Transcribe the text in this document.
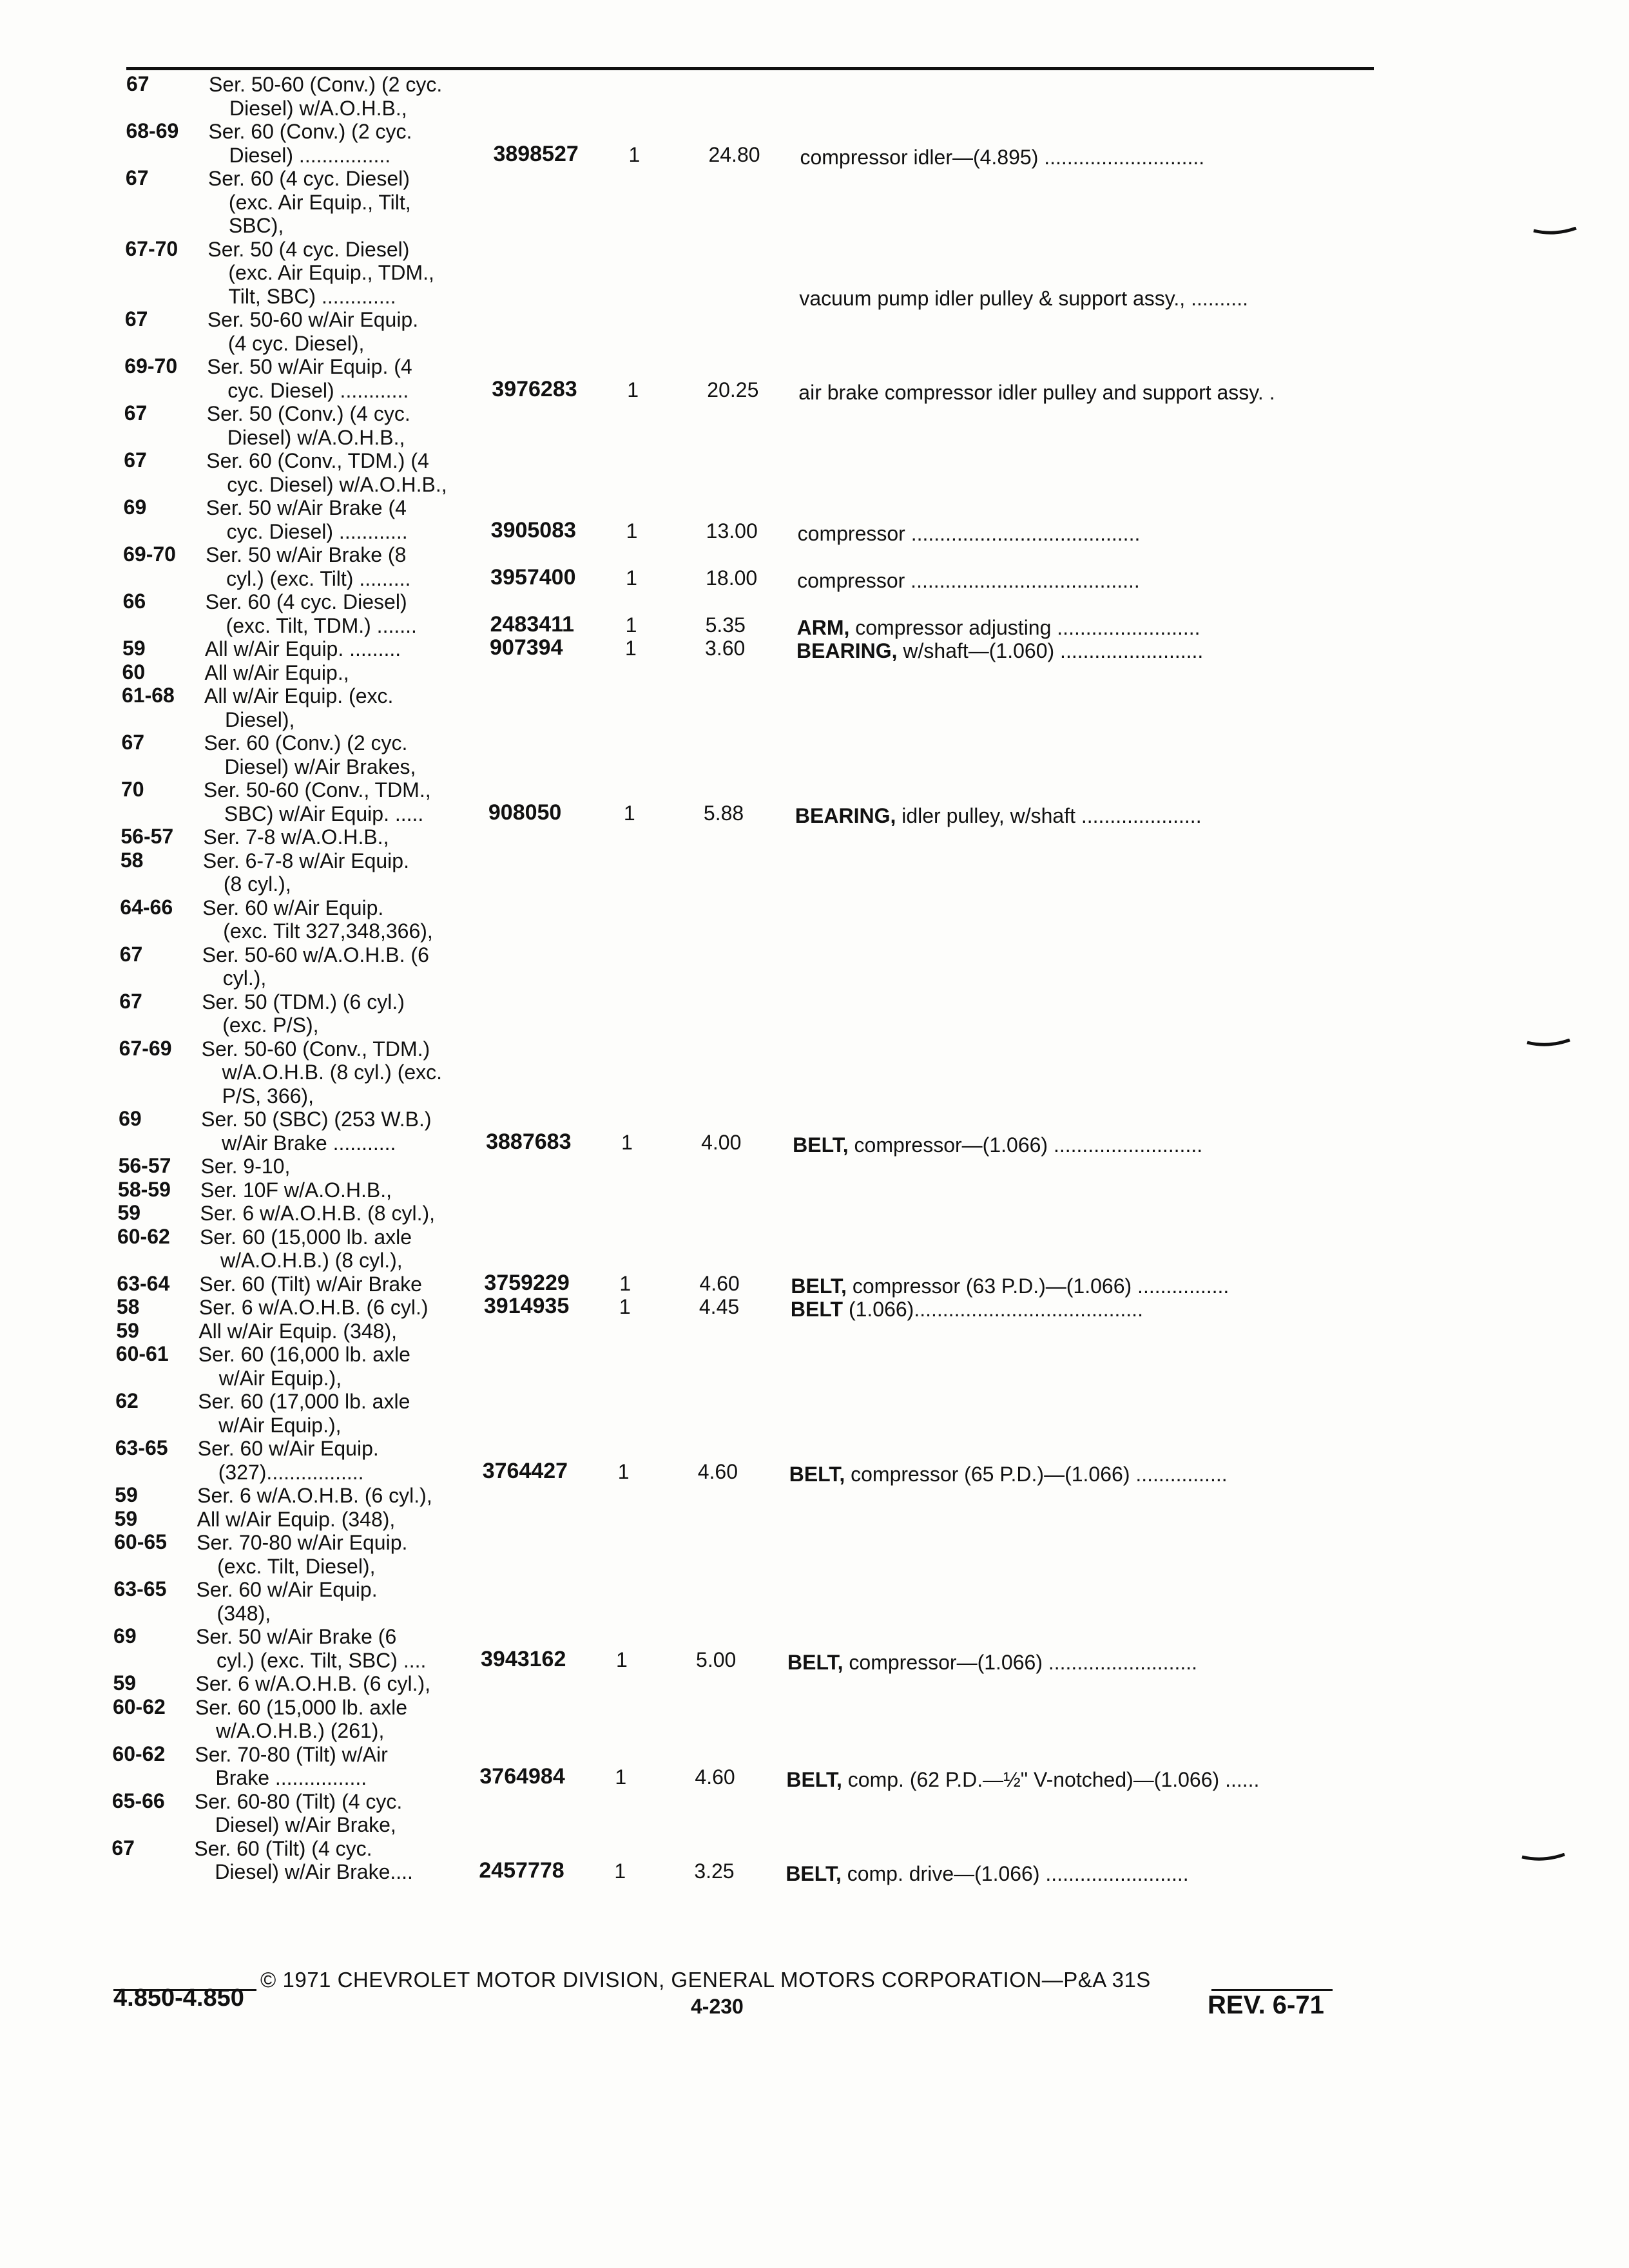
67	Ser. 50-60 (Conv.) (2 cyc.
Diesel) w/A.O.H.B.,
68-69 Ser. 60 (Conv.) (2 cyc.
Diesel) ................	3898527 1	24.80 compressor idler—(4.895) ............................
67	Ser. 60 (4 cyc. Diesel)
(exc. Air Equip., Tilt,
SBC),
67-70 Ser. 50 (4 cyc. Diesel)
(exc. Air Equip., TDM.,
Tilt, SBC) .............	vacuum pump idler pulley & support assy., ..........
67	Ser. 50-60 w/Air Equip.
(4 cyc. Diesel),
69-70 Ser. 50 w/Air Equip. (4
cyc. Diesel) ............	3976283 1	20.25 air brake compressor idler pulley and support assy. .
67	Ser. 50 (Conv.) (4 cyc.
Diesel) w/A.O.H.B.,
67	Ser. 60 (Conv., TDM.) (4
cyc. Diesel) w/A.O.H.B.,
69	Ser. 50 w/Air Brake (4
cyc. Diesel) ............	3905083 1	13.00 compressor ........................................
69-70 Ser. 50 w/Air Brake (8
cyl.) (exc. Tilt) .........	3957400 1	18.00 compressor ........................................
66	Ser. 60 (4 cyc. Diesel)
(exc. Tilt, TDM.) .......	2483411 1	5.35 ARM, compressor adjusting .........................
59	All w/Air Equip. .........	907394	1	3.60 BEARING, w/shaft—(1.060) .........................
60	All w/Air Equip.,
61-68 All w/Air Equip. (exc.
Diesel),
67	Ser. 60 (Conv.) (2 cyc.
Diesel) w/Air Brakes,
70	Ser. 50-60 (Conv., TDM.,
SBC) w/Air Equip. .....	908050	1	5.88 BEARING, idler pulley, w/shaft .....................
56-57 Ser. 7-8 w/A.O.H.B.,
58	Ser. 6-7-8 w/Air Equip.
(8 cyl.),
64-66 Ser. 60 w/Air Equip.
(exc. Tilt 327,348,366),
67	Ser. 50-60 w/A.O.H.B. (6
cyl.),
67	Ser. 50 (TDM.) (6 cyl.)
(exc. P/S),
67-69 Ser. 50-60 (Conv., TDM.)
w/A.O.H.B. (8 cyl.) (exc.
P/S, 366),
69	Ser. 50 (SBC) (253 W.B.)
w/Air Brake ...........	3887683 1	4.00 BELT, compressor—(1.066) ..........................
56-57 Ser. 9-10,
58-59 Ser. 10F w/A.O.H.B.,
59	Ser. 6 w/A.O.H.B. (8 cyl.),
60-62 Ser. 60 (15,000 lb. axle
w/A.O.H.B.) (8 cyl.),
63-64 Ser. 60 (Tilt) w/Air Brake	3759229 1	4.60 BELT, compressor (63 P.D.)—(1.066) ................
58	Ser. 6 w/A.O.H.B. (6 cyl.)	3914935 1	4.45 BELT (1.066)........................................
59	All w/Air Equip. (348),
60-61 Ser. 60 (16,000 lb. axle
w/Air Equip.),
62	Ser. 60 (17,000 lb. axle
w/Air Equip.),
63-65 Ser. 60 w/Air Equip.
(327).................	3764427 1	4.60 BELT, compressor (65 P.D.)—(1.066) ................
59	Ser. 6 w/A.O.H.B. (6 cyl.),
59	All w/Air Equip. (348),
60-65 Ser. 70-80 w/Air Equip.
(exc. Tilt, Diesel),
63-65 Ser. 60 w/Air Equip.
(348),
69	Ser. 50 w/Air Brake (6
cyl.) (exc. Tilt, SBC) .... 3943162 1	5.00 BELT, compressor—(1.066) ..........................
59	Ser. 6 w/A.O.H.B. (6 cyl.),
60-62 Ser. 60 (15,000 lb. axle
w/A.O.H.B.) (261),
60-62 Ser. 70-80 (Tilt) w/Air
Brake ................	3764984 1	4.60 BELT, comp. (62 P.D.—½" V-notched)—(1.066) ......
65-66 Ser. 60-80 (Tilt) (4 cyc.
Diesel) w/Air Brake,
67	Ser. 60 (Tilt) (4 cyc.
Diesel) w/Air Brake....	2457778 1	3.25 BELT, comp. drive—(1.066) .........................
© 1971 CHEVROLET MOTOR DIVISION, GENERAL MOTORS CORPORATION—P&A 31S
4.850-4.850	4-230	REV. 6-71
